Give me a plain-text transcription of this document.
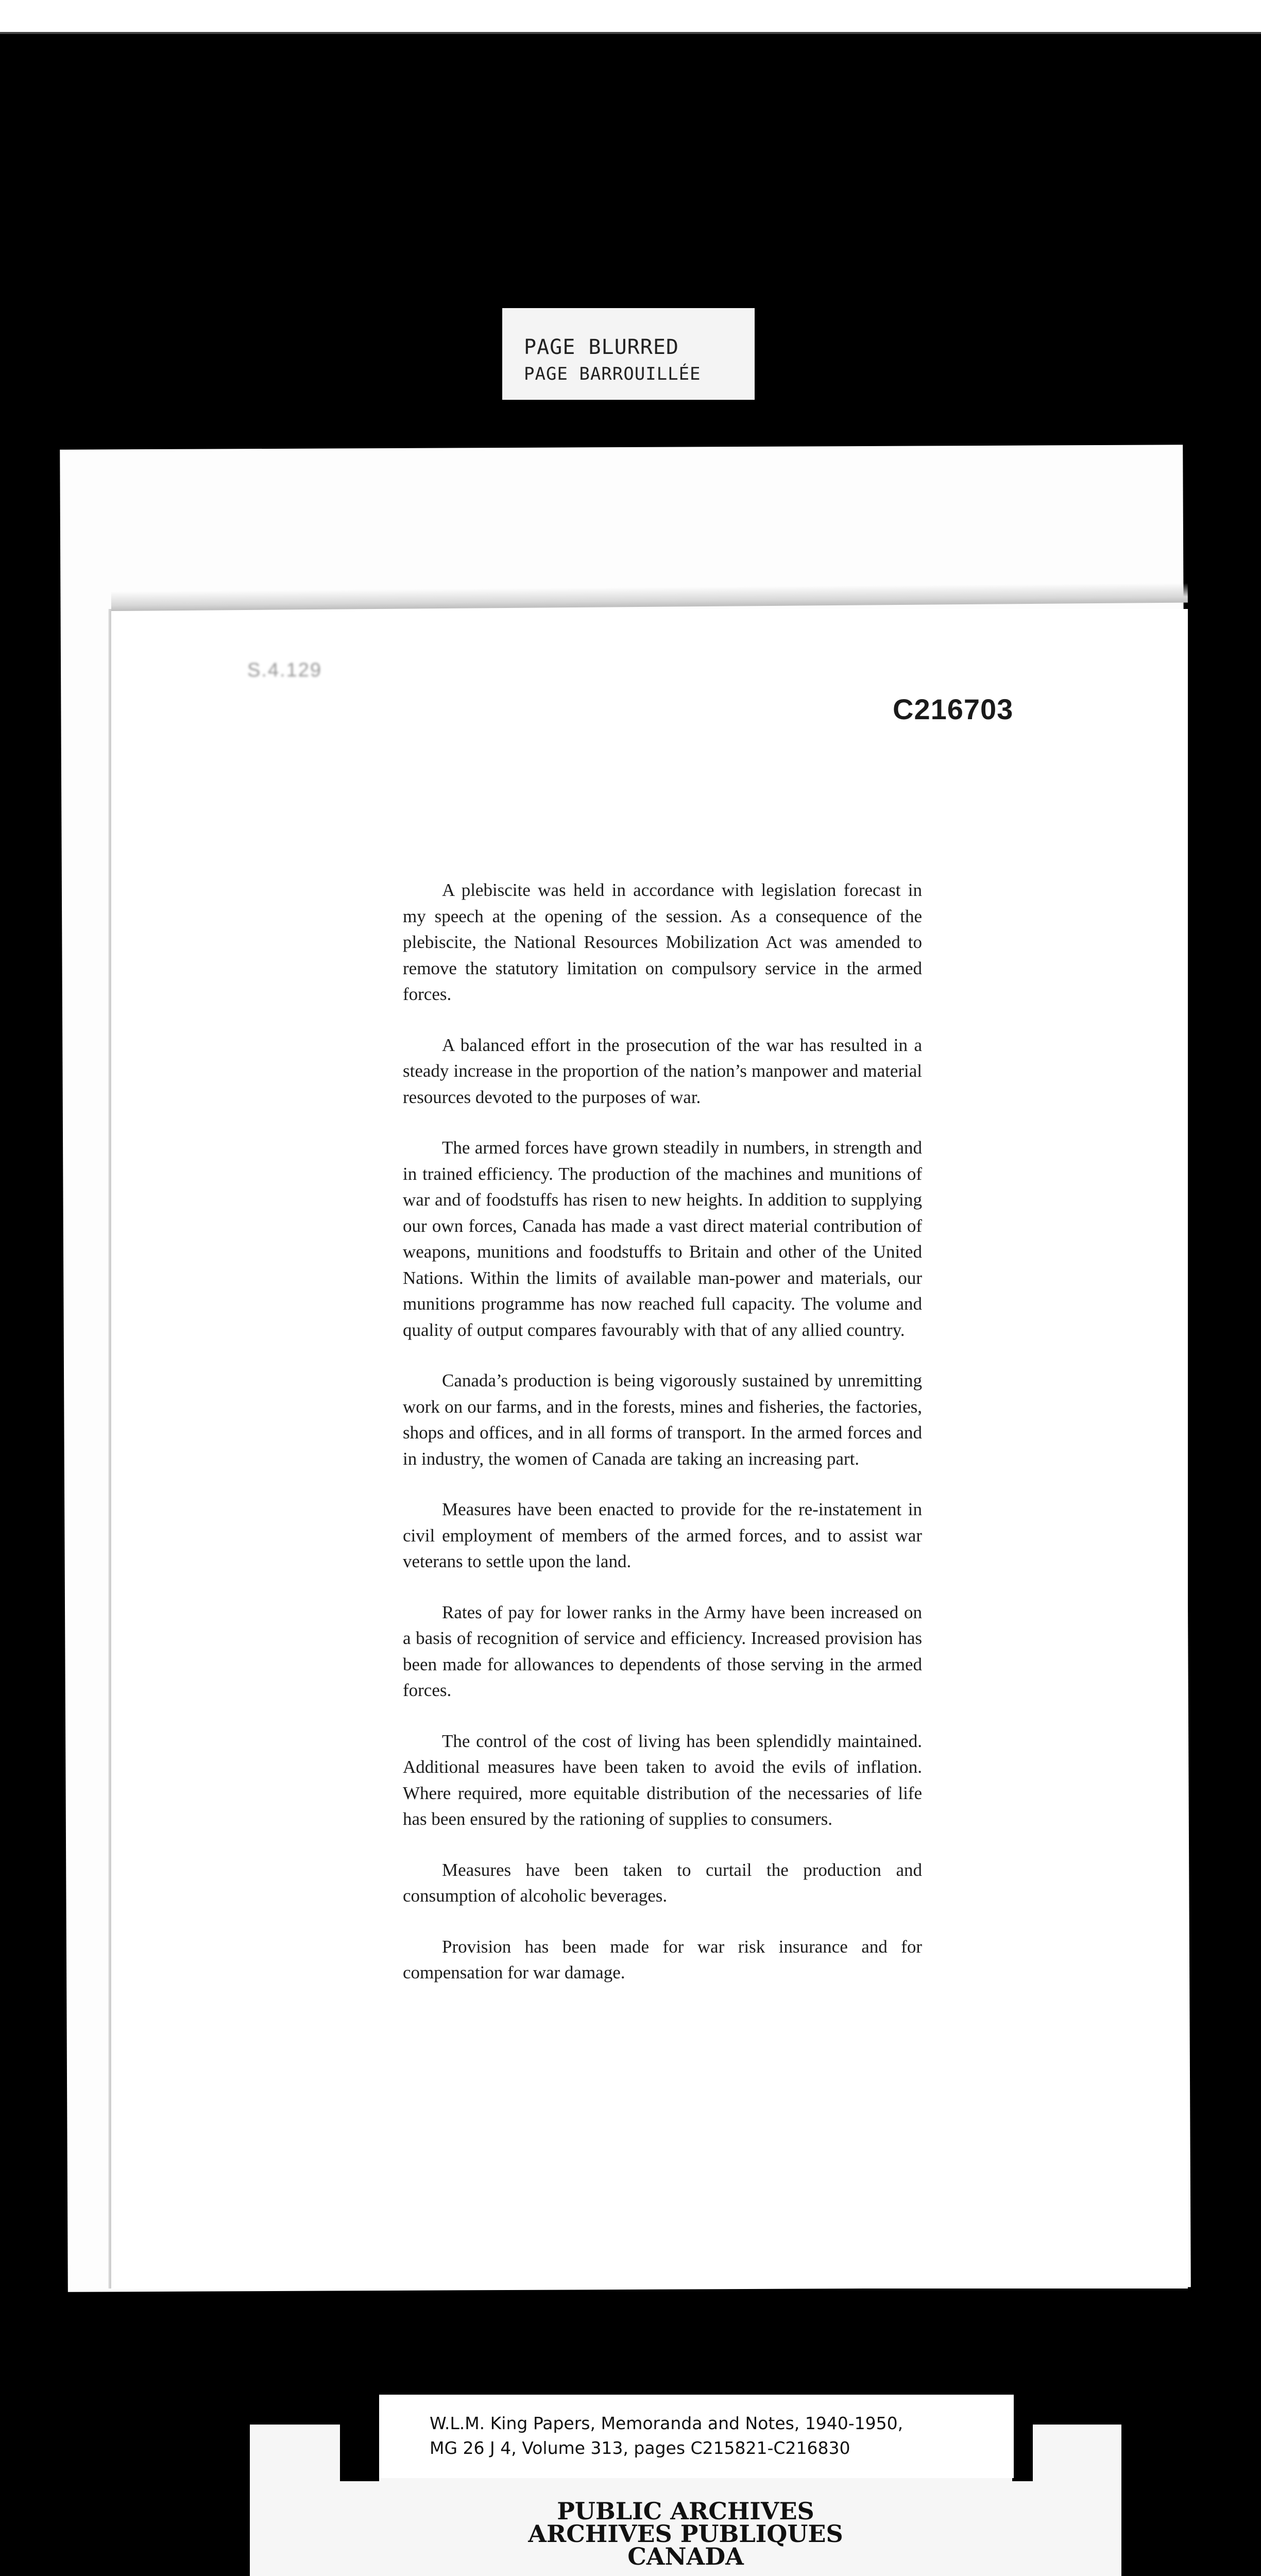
PAGE BLURRED
PAGE BARROUILLÉE
S.4.129
C216703

A plebiscite was held in accordance with legislation forecast in my speech at the opening of the session. As a consequence of the plebiscite, the National Resources Mobilization Act was amended to remove the statutory limitation on compulsory service in the armed forces.

A balanced effort in the prosecution of the war has resulted in a steady increase in the proportion of the nation’s manpower and material resources devoted to the purposes of war.

The armed forces have grown steadily in numbers, in strength and in trained efficiency. The production of the machines and munitions of war and of foodstuffs has risen to new heights. In addition to supplying our own forces, Canada has made a vast direct material contribution of weapons, munitions and foodstuffs to Britain and other of the United Nations. Within the limits of available man-power and materials, our munitions programme has now reached full capacity. The volume and quality of output compares favourably with that of any allied country.

Canada’s production is being vigorously sustained by unremitting work on our farms, and in the forests, mines and fisheries, the factories, shops and offices, and in all forms of transport. In the armed forces and in industry, the women of Canada are taking an increasing part.

Measures have been enacted to provide for the re-instatement in civil employment of members of the armed forces, and to assist war veterans to settle upon the land.

Rates of pay for lower ranks in the Army have been increased on a basis of recognition of service and efficiency. Increased provision has been made for allowances to dependents of those serving in the armed forces.

The control of the cost of living has been splendidly maintained. Additional measures have been taken to avoid the evils of inflation. Where required, more equitable distribution of the necessaries of life has been ensured by the rationing of supplies to consumers.

Measures have been taken to curtail the production and consumption of alcoholic beverages.

Provision has been made for war risk insurance and for compensation for war damage.

PUBLIC ARCHIVES
ARCHIVES PUBLIQUES
CANADA
W.L.M. King Papers, Memoranda and Notes, 1940-1950,
MG 26 J 4, Volume 313, pages C215821-C216830
